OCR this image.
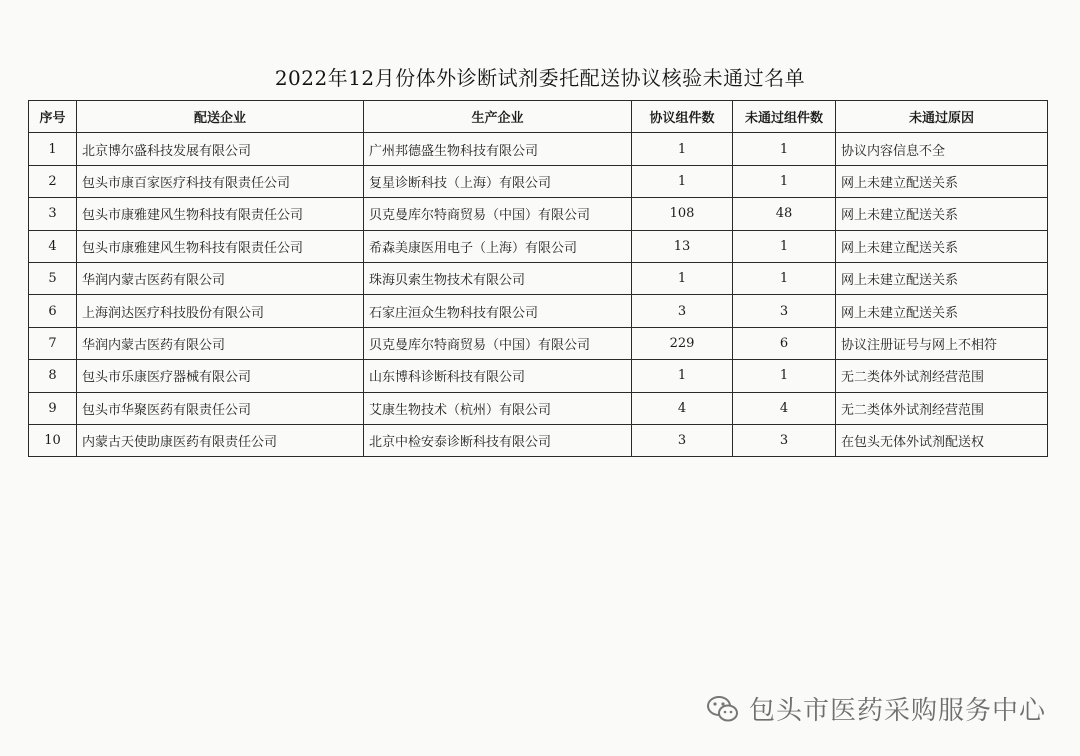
2022年12月份体外诊断试剂委托配送协议核验未通过名单
序号	配送企业	生产企业	协议组件数	未通过组件数	未通过原因
1	北京博尔盛科技发展有限公司	广州邦德盛生物科技有限公司	1	1	协议内容信息不全
2	包头市康百家医疗科技有限责任公司	复星诊断科技（上海）有限公司	1	1	网上未建立配送关系
3	包头市康雅建风生物科技有限责任公司	贝克曼库尔特商贸易（中国）有限公司	108	48	网上未建立配送关系
4	包头市康雅建风生物科技有限责任公司	希森美康医用电子（上海）有限公司	13	1	网上未建立配送关系
5	华润内蒙古医药有限公司	珠海贝索生物技术有限公司	1	1	网上未建立配送关系
6	上海润达医疗科技股份有限公司	石家庄洹众生物科技有限公司	3	3	网上未建立配送关系
7	华润内蒙古医药有限公司	贝克曼库尔特商贸易（中国）有限公司	229	6	协议注册证号与网上不相符
8	包头市乐康医疗器械有限公司	山东博科诊断科技有限公司	1	1	无二类体外试剂经营范围
9	包头市华聚医药有限责任公司	艾康生物技术（杭州）有限公司	4	4	无二类体外试剂经营范围
10	内蒙古天使助康医药有限责任公司	北京中检安泰诊断科技有限公司	3	3	在包头无体外试剂配送权
包头市医药采购服务中心
